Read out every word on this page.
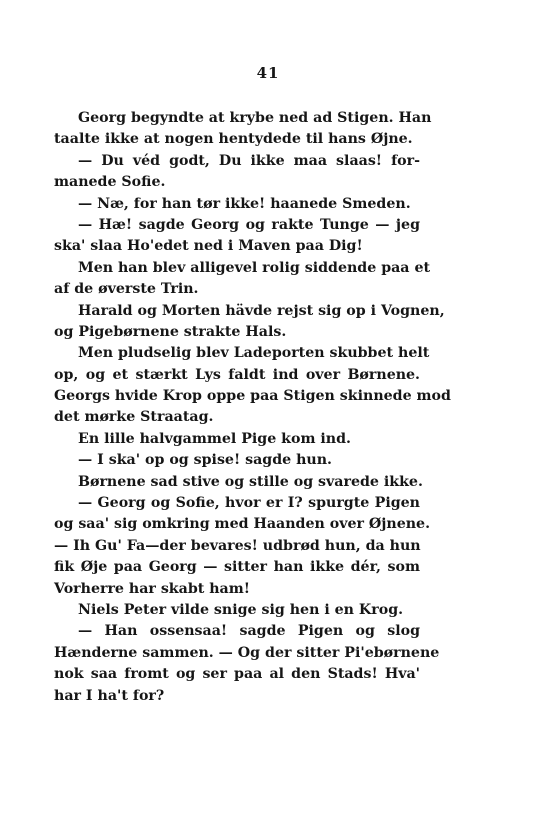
41
Georg begyndte at krybe ned ad Stigen. Han
taalte ikke at nogen hentydede til hans Øjne.
— Du véd godt, Du ikke maa slaas! for-
manede Sofie.
— Næ, for han tør ikke! haanede Smeden.
— Hæ! sagde Georg og rakte Tunge — jeg
ska' slaa Ho'edet ned i Maven paa Dig!
Men han blev alligevel rolig siddende paa et
af de øverste Trin.
Harald og Morten hävde rejst sig op i Vognen,
og Pigebørnene strakte Hals.
Men pludselig blev Ladeporten skubbet helt
op, og et stærkt Lys faldt ind over Børnene.
Georgs hvide Krop oppe paa Stigen skinnede mod
det mørke Straatag.
En lille halvgammel Pige kom ind.
— I ska' op og spise! sagde hun.
Børnene sad stive og stille og svarede ikke.
— Georg og Sofie, hvor er I? spurgte Pigen
og saa' sig omkring med Haanden over Øjnene.
— Ih Gu' Fa—der bevares! udbrød hun, da hun
fik Øje paa Georg — sitter han ikke dér, som
Vorherre har skabt ham!
Niels Peter vilde snige sig hen i en Krog.
— Han ossensaa! sagde Pigen og slog
Hænderne sammen. — Og der sitter Pi'ebørnene
nok saa fromt og ser paa al den Stads! Hva'
har I ha't for?
